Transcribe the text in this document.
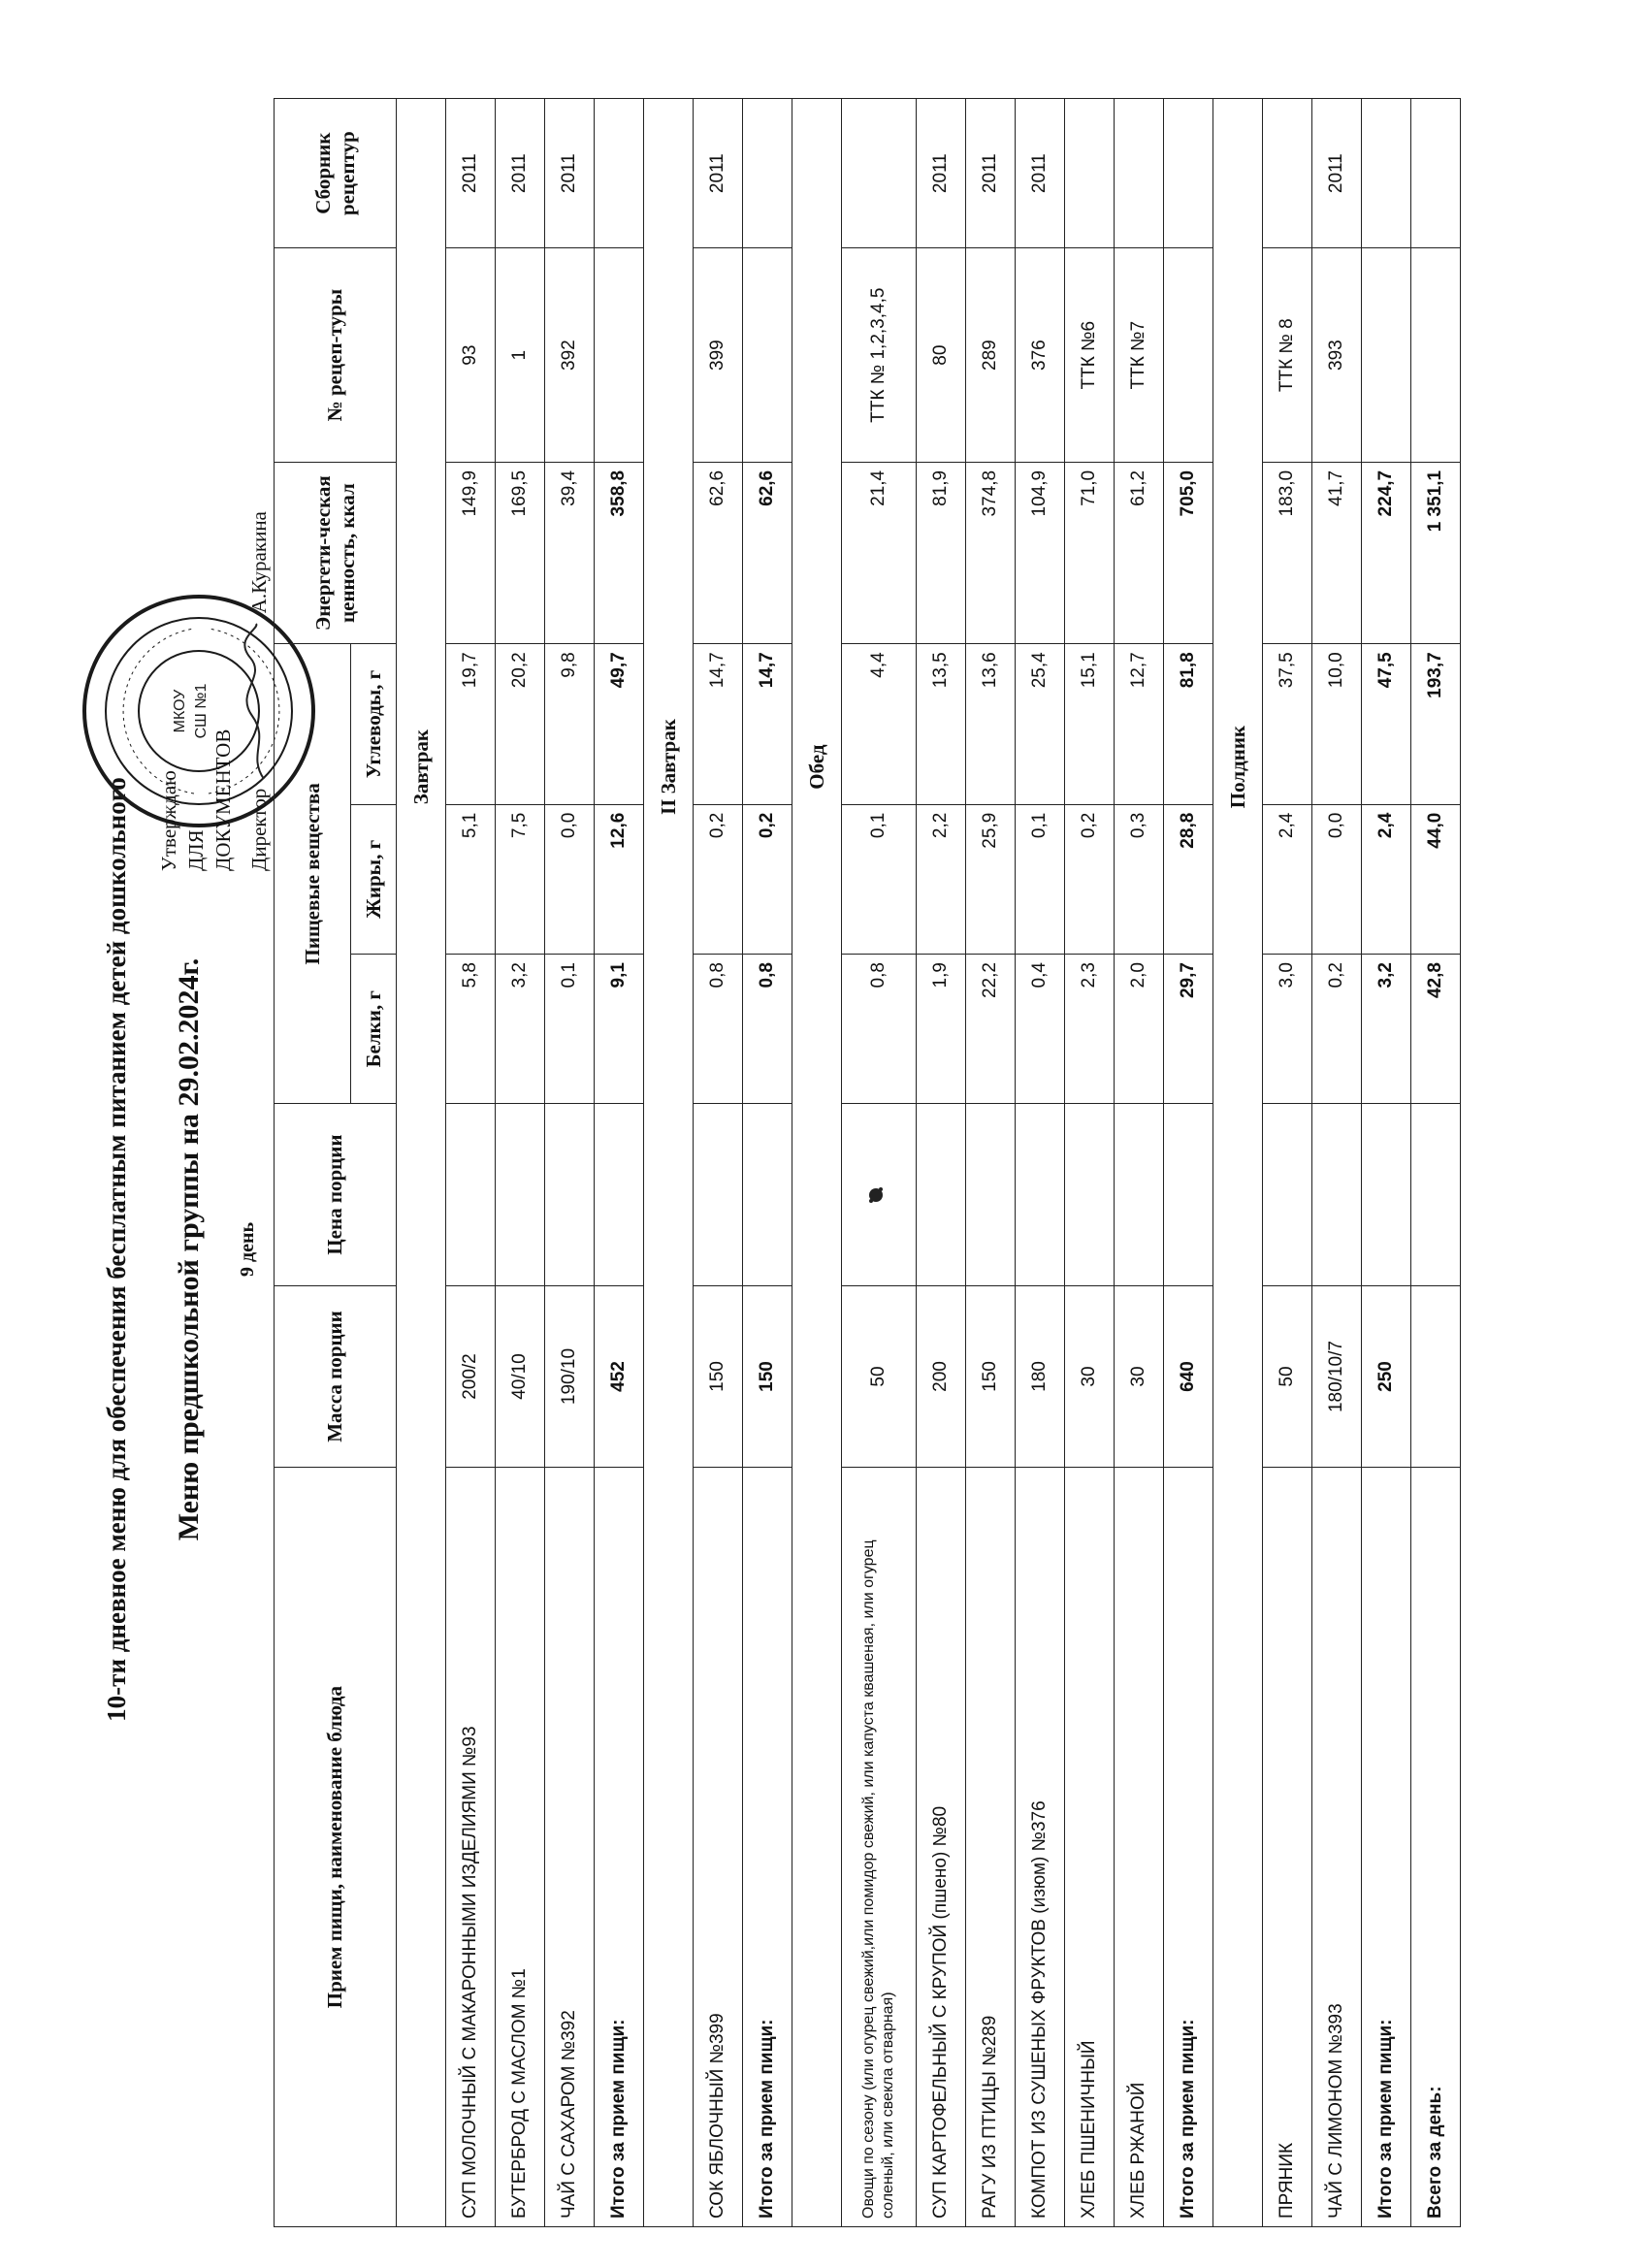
10-ти дневное меню для обеспечения бесплатным питанием детей дошкольного Меню предшкольной группы на 29.02.2024г. 9 день
МКОУ СШ №1
Утверждаю ДЛЯ ДОКУМЕНТОВ Директор  А.Куракина
Прием пищи, наименование блюда	Масса порции	Цена порции	Пищевые вещества			Энергети-ческая ценность, ккал	№ рецеп-туры	Сборник рецептур
			Белки, г	Жиры, г	Углеводы, г			
		Завтрак						
СУП МОЛОЧНЫЙ С МАКАРОННЫМИ ИЗДЕЛИЯМИ №93	200/2		5,8	5,1	19,7	149,9	93	2011
БУТЕРБРОД С МАСЛОМ №1	40/10		3,2	7,5	20,2	169,5	1	2011
ЧАЙ С САХАРОМ №392	190/10		0,1	0,0	9,8	39,4	392	2011
Итого за прием пищи:	452		9,1	12,6	49,7	358,8		
		II Завтрак						
СОК ЯБЛОЧНЫЙ №399	150		0,8	0,2	14,7	62,6	399	2011
Итого за прием пищи:	150		0,8	0,2	14,7	62,6		
		Обед						
Овощи по сезону (или огурец свежий,или помидор свежий, или капуста квашеная, или огурец соленый, или свекла отварная)	50		0,8	0,1	4,4	21,4	ТТК № 1,2,3,4,5	
СУП КАРТОФЕЛЬНЫЙ С КРУПОЙ (пшено) №80	200		1,9	2,2	13,5	81,9	80	2011
РАГУ ИЗ ПТИЦЫ №289	150		22,2	25,9	13,6	374,8	289	2011
КОМПОТ ИЗ СУШЕНЫХ ФРУКТОВ (изюм) №376	180		0,4	0,1	25,4	104,9	376	2011
ХЛЕБ ПШЕНИЧНЫЙ	30		2,3	0,2	15,1	71,0	ТТК №6	
ХЛЕБ РЖАНОЙ	30		2,0	0,3	12,7	61,2	ТТК №7	
Итого за прием пищи:	640		29,7	28,8	81,8	705,0		
		Полдник						
ПРЯНИК	50		3,0	2,4	37,5	183,0	ТТК № 8	
ЧАЙ С ЛИМОНОМ №393	180/10/7		0,2	0,0	10,0	41,7	393	2011
Итого за прием пищи:	250		3,2	2,4	47,5	224,7		
Всего за день:			42,8	44,0	193,7	1 351,1		
